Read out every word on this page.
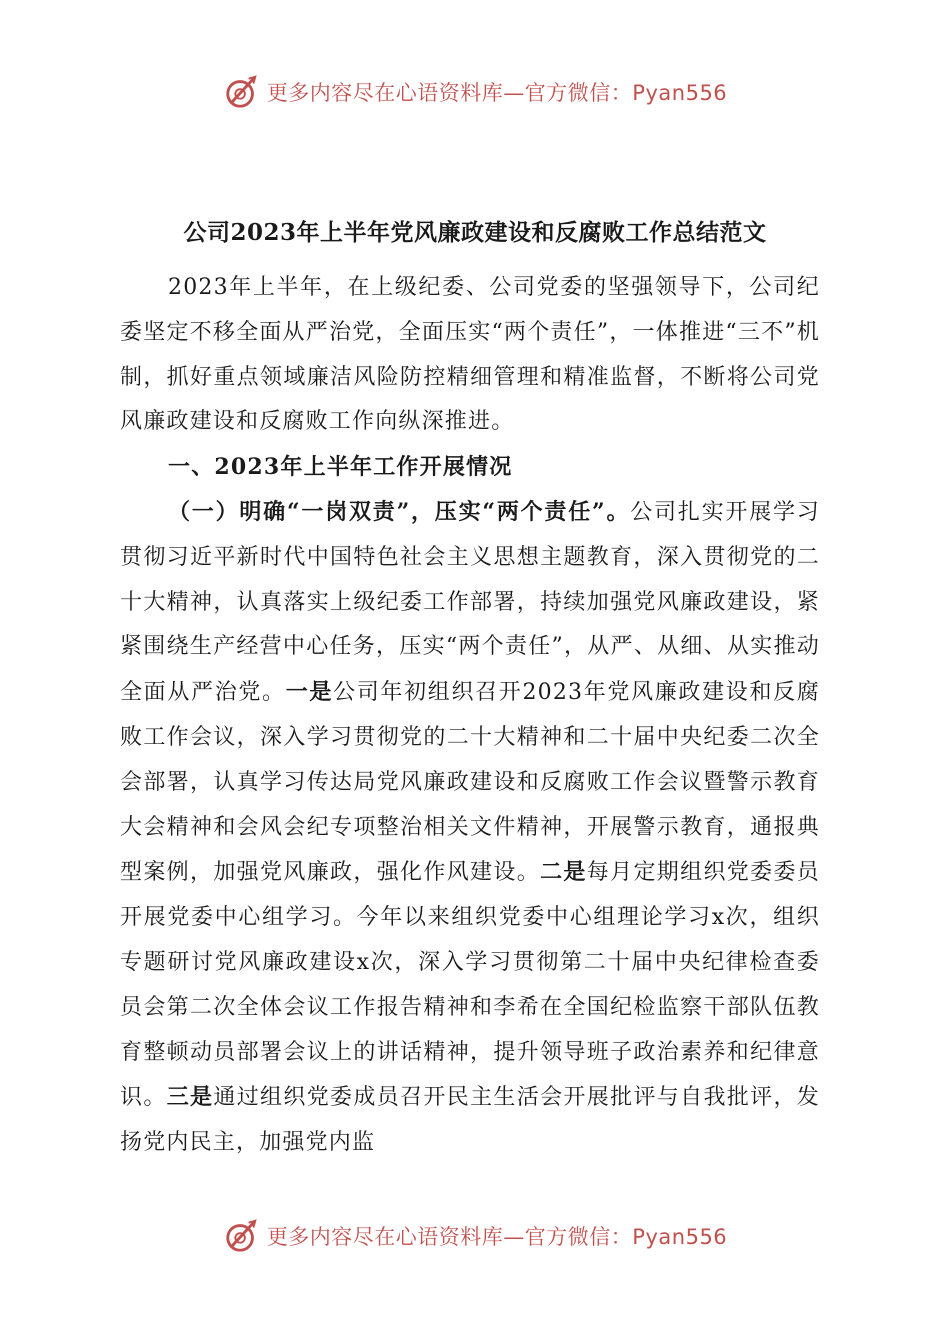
更多内容尽在心语资料库—官方微信：Pyan556
公司2023年上半年党风廉政建设和反腐败工作总结范文
2023年上半年，在上级纪委、公司党委的坚强领导下，公司纪委坚定不移全面从严治党，全面压实“两个责任”，一体推进“三不”机制，抓好重点领域廉洁风险防控精细管理和精准监督，不断将公司党风廉政建设和反腐败工作向纵深推进。
一、2023年上半年工作开展情况
（一）明确“一岗双责”，压实“两个责任”。公司扎实开展学习贯彻习近平新时代中国特色社会主义思想主题教育，深入贯彻党的二十大精神，认真落实上级纪委工作部署，持续加强党风廉政建设，紧紧围绕生产经营中心任务，压实“两个责任”，从严、从细、从实推动全面从严治党。一是公司年初组织召开2023年党风廉政建设和反腐败工作会议，深入学习贯彻党的二十大精神和二十届中央纪委二次全会部署，认真学习传达局党风廉政建设和反腐败工作会议暨警示教育大会精神和会风会纪专项整治相关文件精神，开展警示教育，通报典型案例，加强党风廉政，强化作风建设。二是每月定期组织党委委员开展党委中心组学习。今年以来组织党委中心组理论学习x次，组织专题研讨党风廉政建设x次，深入学习贯彻第二十届中央纪律检查委员会第二次全体会议工作报告精神和李希在全国纪检监察干部队伍教育整顿动员部署会议上的讲话精神，提升领导班子政治素养和纪律意识。三是通过组织党委成员召开民主生活会开展批评与自我批评，发扬党内民主，加强党内监
更多内容尽在心语资料库—官方微信：Pyan556
